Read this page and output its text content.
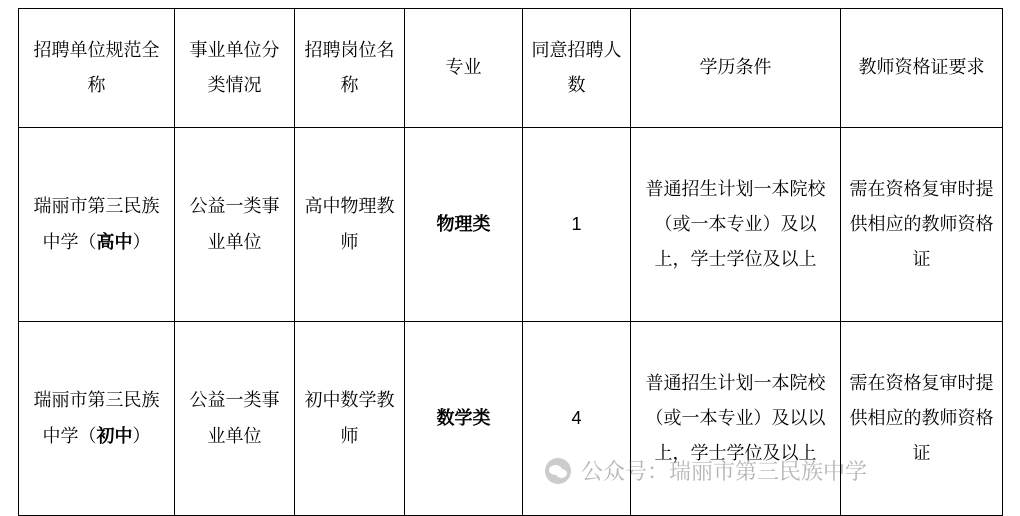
招聘单位规范全称	事业单位分类情况	招聘岗位名称	专业	同意招聘人数	学历条件	教师资格证要求

瑞丽市第三民族中学（高中）	公益一类事业单位	高中物理教师	物理类	1	普通招生计划一本院校（或一本专业）及以上，学士学位及以上	需在资格复审时提供相应的教师资格证

瑞丽市第三民族中学（初中）	公益一类事业单位	初中数学教师	数学类	4	普通招生计划一本院校（或一本专业）及以以上，学士学位及以上	需在资格复审时提供相应的教师资格证
公众号：瑞丽市第三民族中学
